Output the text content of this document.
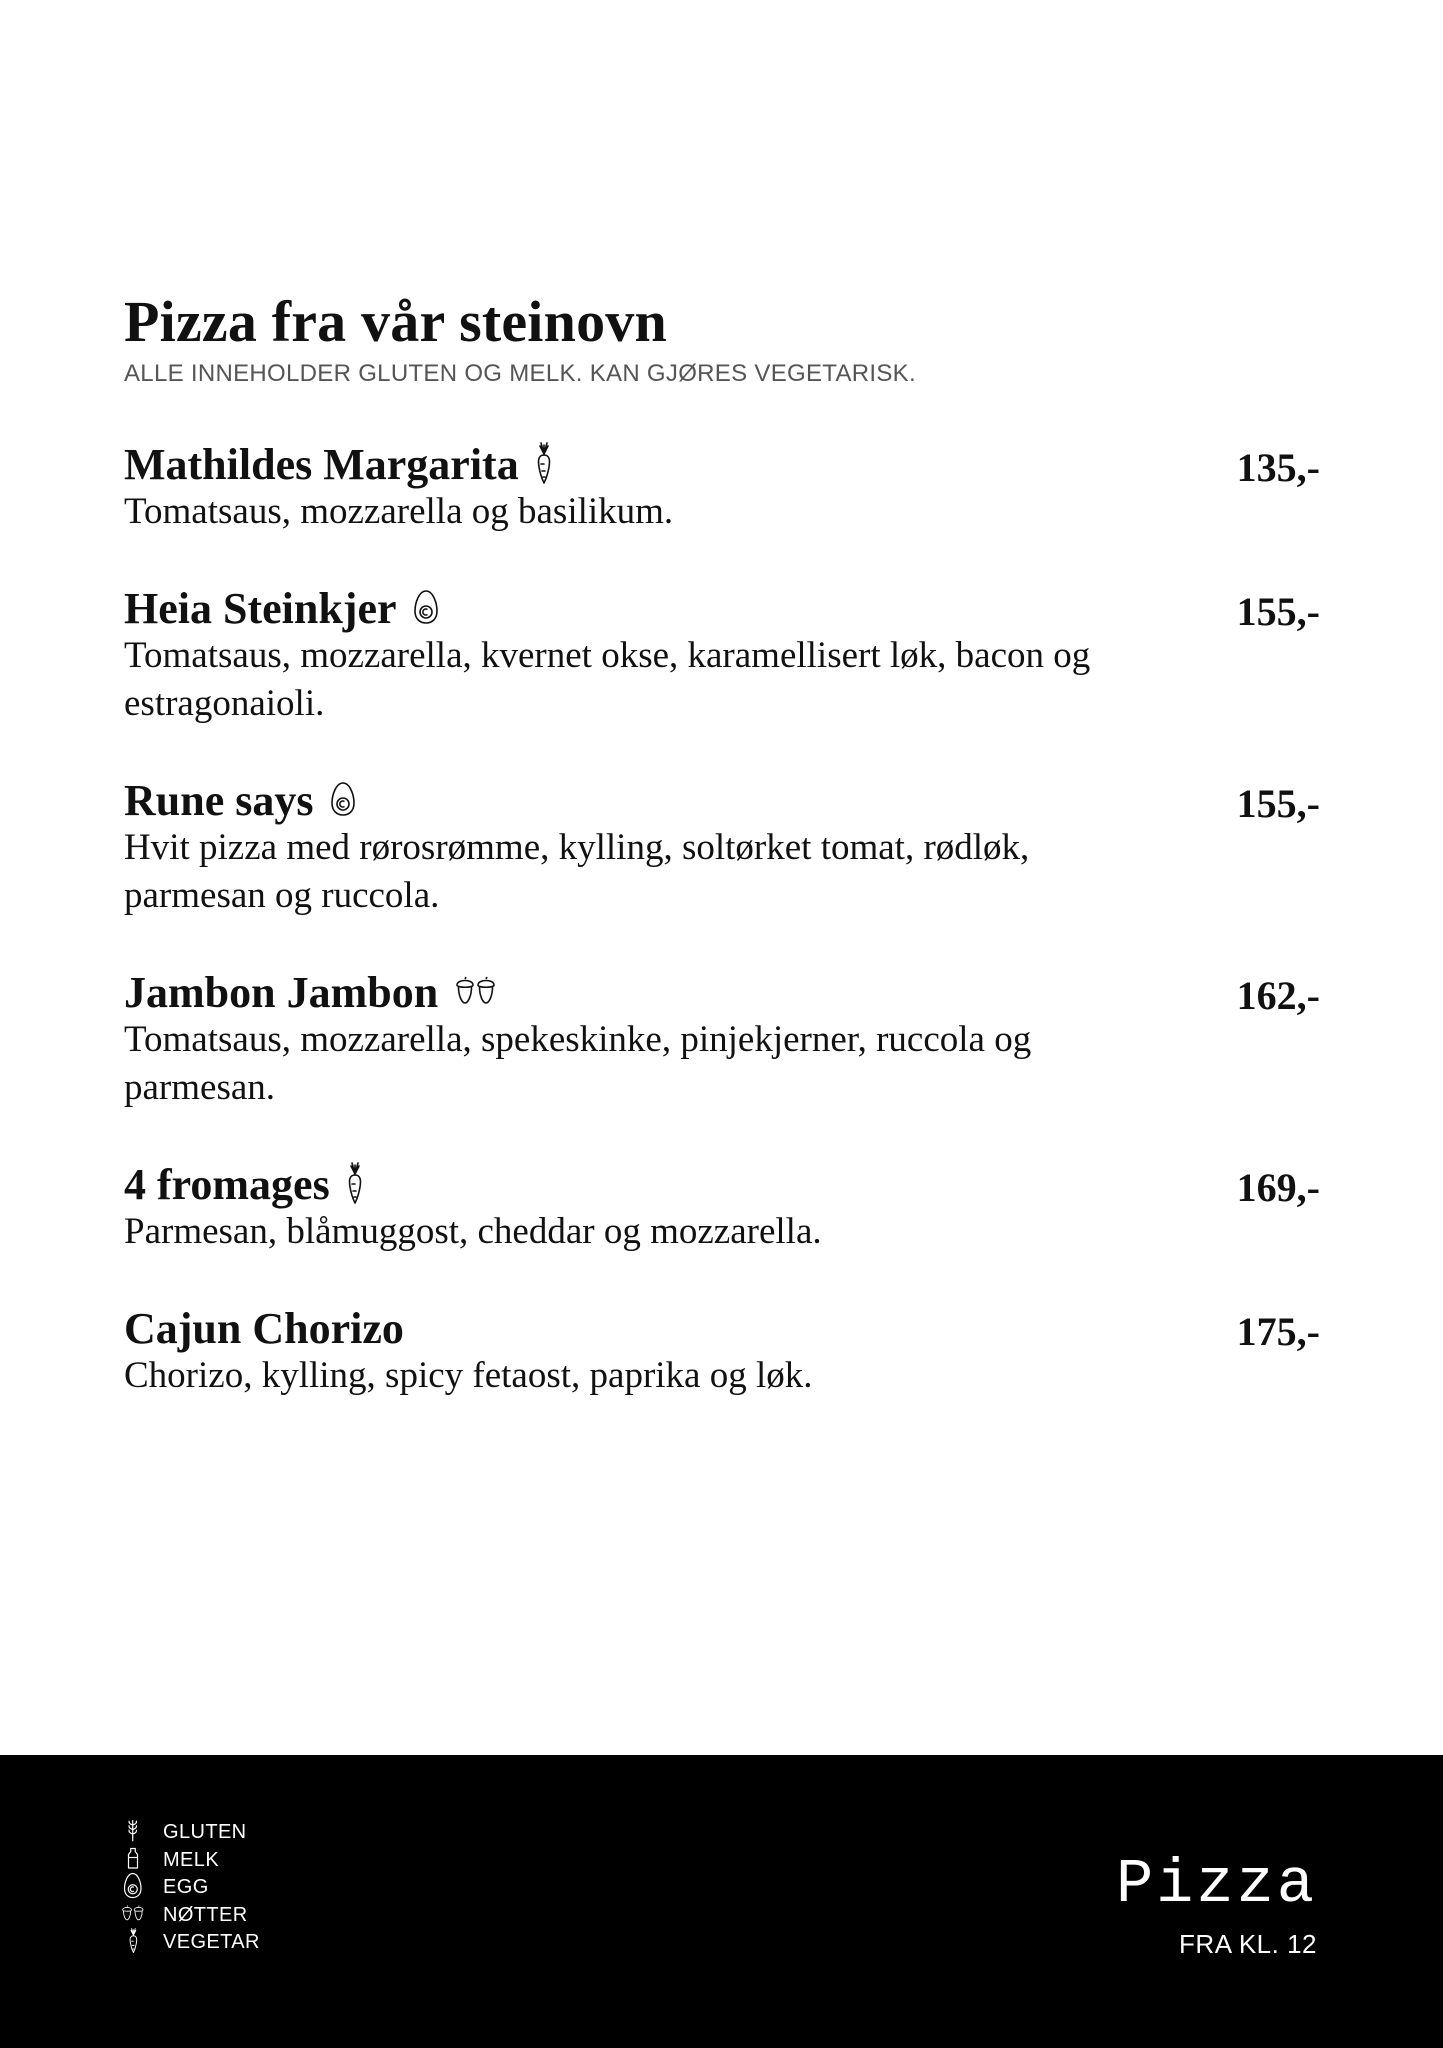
Pizza fra vår steinovn
ALLE INNEHOLDER GLUTEN OG MELK. KAN GJØRES VEGETARISK.
Mathildes Margarita	135,-
Tomatsaus, mozzarella og basilikum.
Heia Steinkjer	155,-
Tomatsaus, mozzarella, kvernet okse, karamellisert løk, bacon og estragonaioli.
Rune says	155,-
Hvit pizza med rørosrømme, kylling, soltørket tomat, rødløk, parmesan og ruccola.
Jambon Jambon	162,-
Tomatsaus, mozzarella, spekeskinke, pinjekjerner, ruccola og parmesan.
4 fromages	169,-
Parmesan, blåmuggost, cheddar og mozzarella.
Cajun Chorizo	175,-
Chorizo, kylling, spicy fetaost, paprika og løk.
GLUTEN
MELK
EGG
NØTTER
VEGETAR
Pizza
FRA KL. 12
